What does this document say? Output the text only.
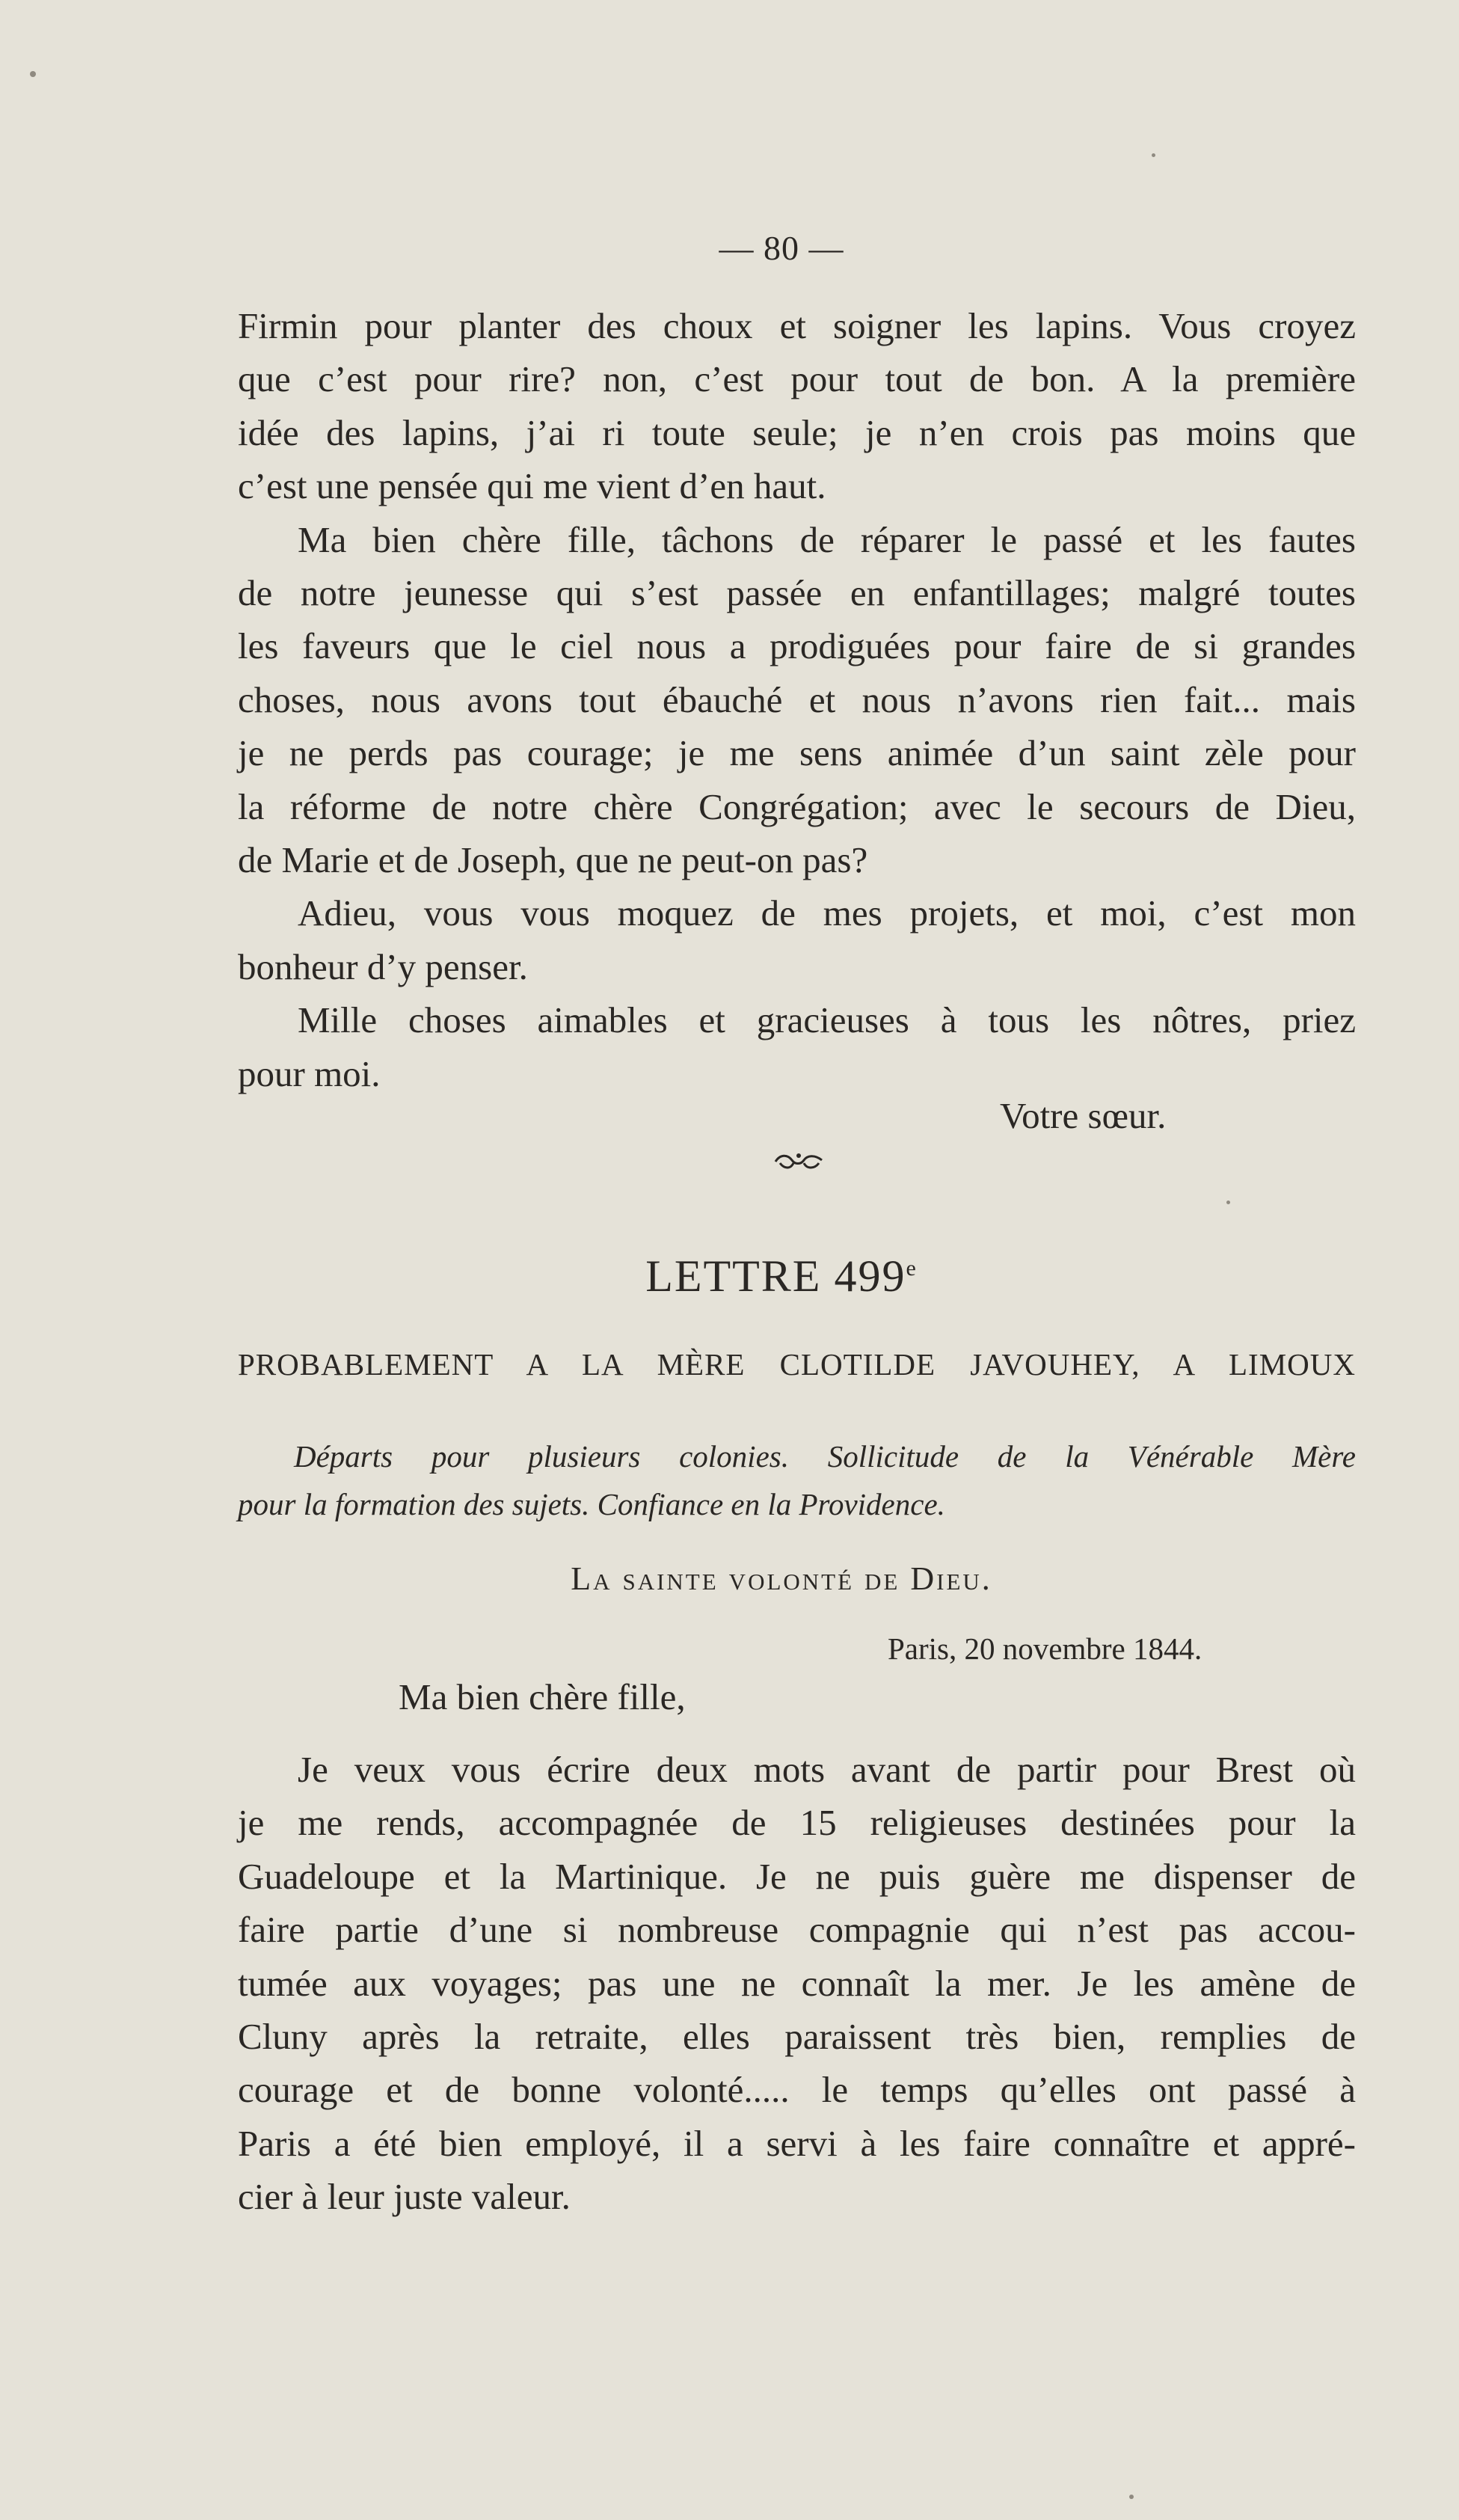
— 80 —

Firmin pour planter des choux et soigner les lapins. Vous croyez
que c’est pour rire? non, c’est pour tout de bon. A la première
idée des lapins, j’ai ri toute seule; je n’en crois pas moins que
c’est une pensée qui me vient d’en haut.

Ma bien chère fille, tâchons de réparer le passé et les fautes
de notre jeunesse qui s’est passée en enfantillages; malgré toutes
les faveurs que le ciel nous a prodiguées pour faire de si grandes
choses, nous avons tout ébauché et nous n’avons rien fait... mais
je ne perds pas courage; je me sens animée d’un saint zèle pour
la réforme de notre chère Congrégation; avec le secours de Dieu,
de Marie et de Joseph, que ne peut-on pas?

Adieu, vous vous moquez de mes projets, et moi, c’est mon
bonheur d’y penser.

Mille choses aimables et gracieuses à tous les nôtres, priez
pour moi.

Votre sœur.
LETTRE 499e
PROBABLEMENT A LA MÈRE CLOTILDE JAVOUHEY, A LIMOUX
Départs pour plusieurs colonies. Sollicitude de la Vénérable Mère
pour la formation des sujets. Confiance en la Providence.
La sainte volonté de Dieu.
Paris, 20 novembre 1844.
Ma bien chère fille,

Je veux vous écrire deux mots avant de partir pour Brest où
je me rends, accompagnée de 15 religieuses destinées pour la
Guadeloupe et la Martinique. Je ne puis guère me dispenser de
faire partie d’une si nombreuse compagnie qui n’est pas accou-
tumée aux voyages; pas une ne connaît la mer. Je les amène de
Cluny après la retraite, elles paraissent très bien, remplies de
courage et de bonne volonté..... le temps qu’elles ont passé à
Paris a été bien employé, il a servi à les faire connaître et appré-
cier à leur juste valeur.
